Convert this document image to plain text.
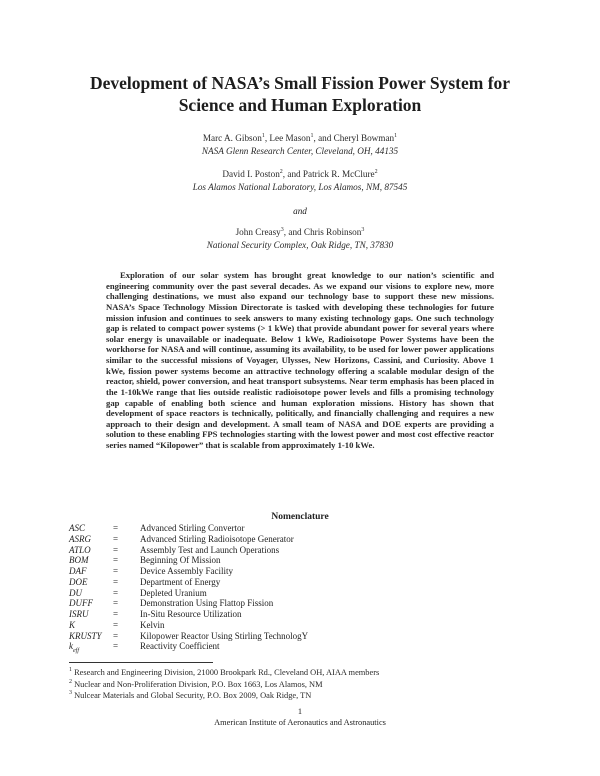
Development of NASA’s Small Fission Power System for
Science and Human Exploration
Marc A. Gibson$^1$, Lee Mason$^1$, and Cheryl Bowman$^1$
NASA Glenn Research Center, Cleveland, OH, 44135
David I. Poston$^2$, and Patrick R. McClure$^2$
Los Alamos National Laboratory, Los Alamos, NM, 87545
and
John Creasy$^3$, and Chris Robinson$^3$
National Security Complex, Oak Ridge, TN, 37830

Exploration of our solar system has brought great knowledge to our nation’s scientific and engineering community over the past several decades. As we expand our visions to explore new, more challenging destinations, we must also expand our technology base to support these new missions. NASA’s Space Technology Mission Directorate is tasked with developing these technologies for future mission infusion and continues to seek answers to many existing technology gaps. One such technology gap is related to compact power systems (> 1 kWe) that provide abundant power for several years where solar energy is unavailable or inadequate. Below 1 kWe, Radioisotope Power Systems have been the workhorse for NASA and will continue, assuming its availability, to be used for lower power applications similar to the successful missions of Voyager, Ulysses, New Horizons, Cassini, and Curiosity. Above 1 kWe, fission power systems become an attractive technology offering a scalable modular design of the reactor, shield, power conversion, and heat transport subsystems. Near term emphasis has been placed in the 1-10kWe range that lies outside realistic radioisotope power levels and fills a promising technology gap capable of enabling both science and human exploration missions. History has shown that development of space reactors is technically, politically, and financially challenging and requires a new approach to their design and development. A small team of NASA and DOE experts are providing a solution to these enabling FPS technologies starting with the lowest power and most cost effective reactor series named “Kilopower” that is scalable from approximately 1-10 kWe.

Nomenclature
ASC	=	Advanced Stirling Convertor
ASRG	=	Advanced Stirling Radioisotope Generator
ATLO	=	Assembly Test and Launch Operations
BOM	=	Beginning Of Mission
DAF	=	Device Assembly Facility
DOE	=	Department of Energy
DU	=	Depleted Uranium
DUFF	=	Demonstration Using Flattop Fission
ISRU	=	In-Situ Resource Utilization
K	=	Kelvin
KRUSTY	=	Kilopower Reactor Using Stirling TechnologY
$k_{eff}$	=	Reactivity Coefficient
$^1$ Research and Engineering Division, 21000 Brookpark Rd., Cleveland OH, AIAA members
$^2$ Nuclear and Non-Proliferation Division, P.O. Box 1663, Los Alamos, NM
$^3$ Nulcear Materials and Global Security, P.O. Box 2009, Oak Ridge, TN
1
American Institute of Aeronautics and Astronautics
